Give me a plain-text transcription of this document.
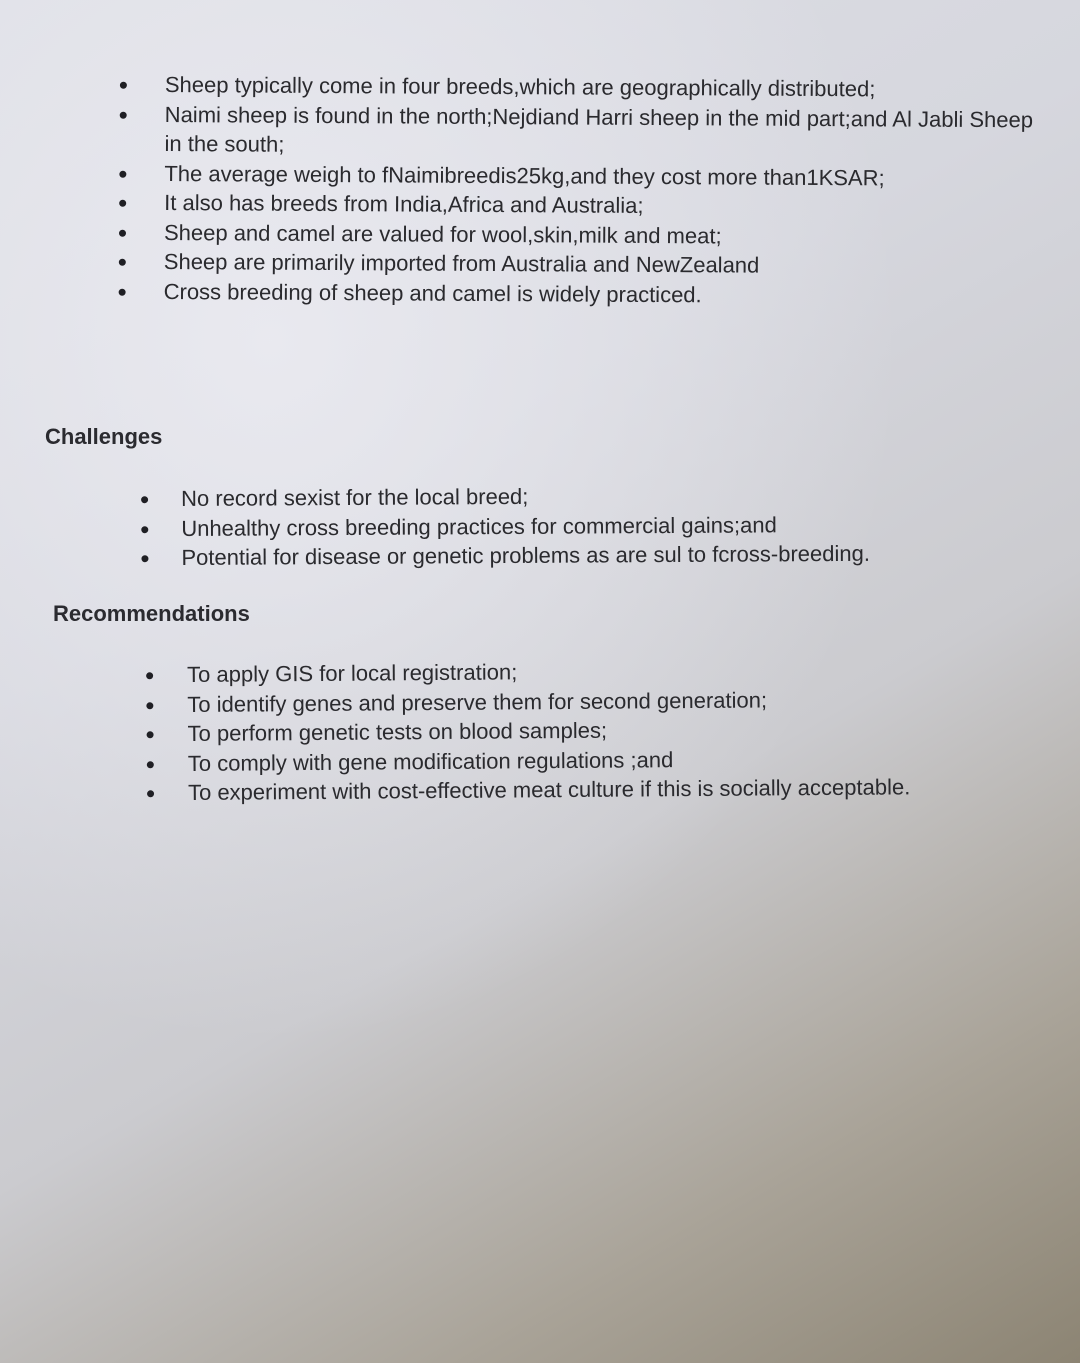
Sheep typically come in four breeds,which are geographically distributed;
Naimi sheep is found in the north;Nejdiand Harri sheep in the mid part;and Al Jabli Sheep in the south;
The average weigh to fNaimibreedis25kg,and they cost more than1KSAR;
It also has breeds from India,Africa and Australia;
Sheep and camel are valued for wool,skin,milk and meat;
Sheep are primarily imported from Australia and NewZealand
Cross breeding of sheep and camel is widely practiced.
Challenges
No record sexist for the local breed;
Unhealthy cross breeding practices for commercial gains;and
Potential for disease or genetic problems as are sul to fcross-breeding.
Recommendations
To apply GIS for local registration;
To identify genes and preserve them for second generation;
To perform genetic tests on blood samples;
To comply with gene modification regulations ;and
To experiment with cost-effective meat culture if this is socially acceptable.
